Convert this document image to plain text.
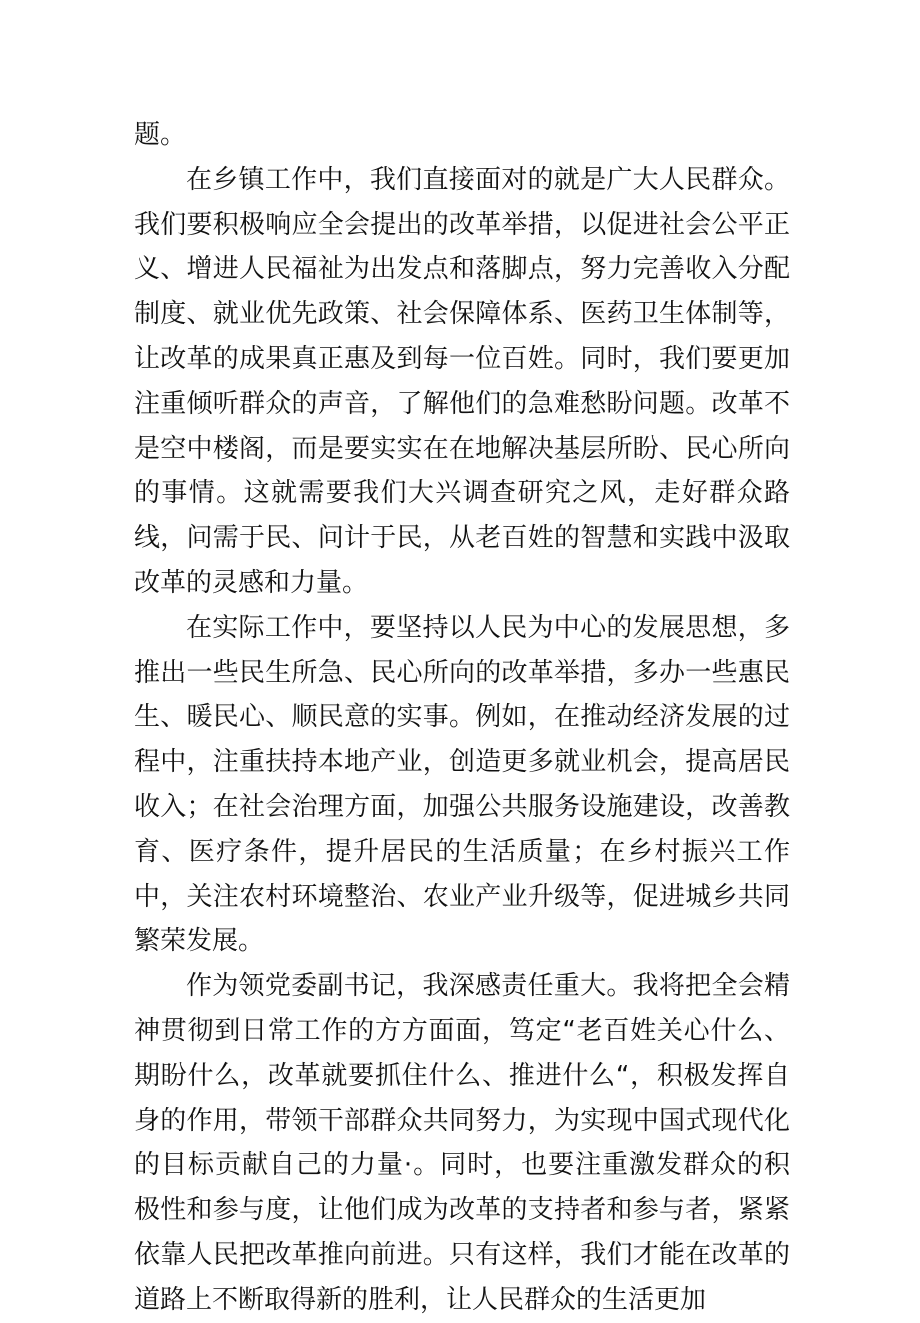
题。

在乡镇工作中，我们直接面对的就是广大人民群众。我们要积极响应全会提出的改革举措，以促进社会公平正义、增进人民福祉为出发点和落脚点，努力完善收入分配制度、就业优先政策、社会保障体系、医药卫生体制等，让改革的成果真正惠及到每一位百姓。同时，我们要更加注重倾听群众的声音，了解他们的急难愁盼问题。改革不是空中楼阁，而是要实实在在地解决基层所盼、民心所向的事情。这就需要我们大兴调查研究之风，走好群众路线，问需于民、问计于民，从老百姓的智慧和实践中汲取改革的灵感和力量。

在实际工作中，要坚持以人民为中心的发展思想，多推出一些民生所急、民心所向的改革举措，多办一些惠民生、暖民心、顺民意的实事。例如，在推动经济发展的过程中，注重扶持本地产业，创造更多就业机会，提高居民收入；在社会治理方面，加强公共服务设施建设，改善教育、医疗条件，提升居民的生活质量；在乡村振兴工作中，关注农村环境整治、农业产业升级等，促进城乡共同繁荣发展。

作为领党委副书记，我深感责任重大。我将把全会精神贯彻到日常工作的方方面面，笃定“老百姓关心什么、期盼什么，改革就要抓住什么、推进什么“，积极发挥自身的作用，带领干部群众共同努力，为实现中国式现代化的目标贡献自己的力量·。同时，也要注重激发群众的积极性和参与度，让他们成为改革的支持者和参与者，紧紧依靠人民把改革推向前进。只有这样，我们才能在改革的道路上不断取得新的胜利，让人民群众的生活更加
